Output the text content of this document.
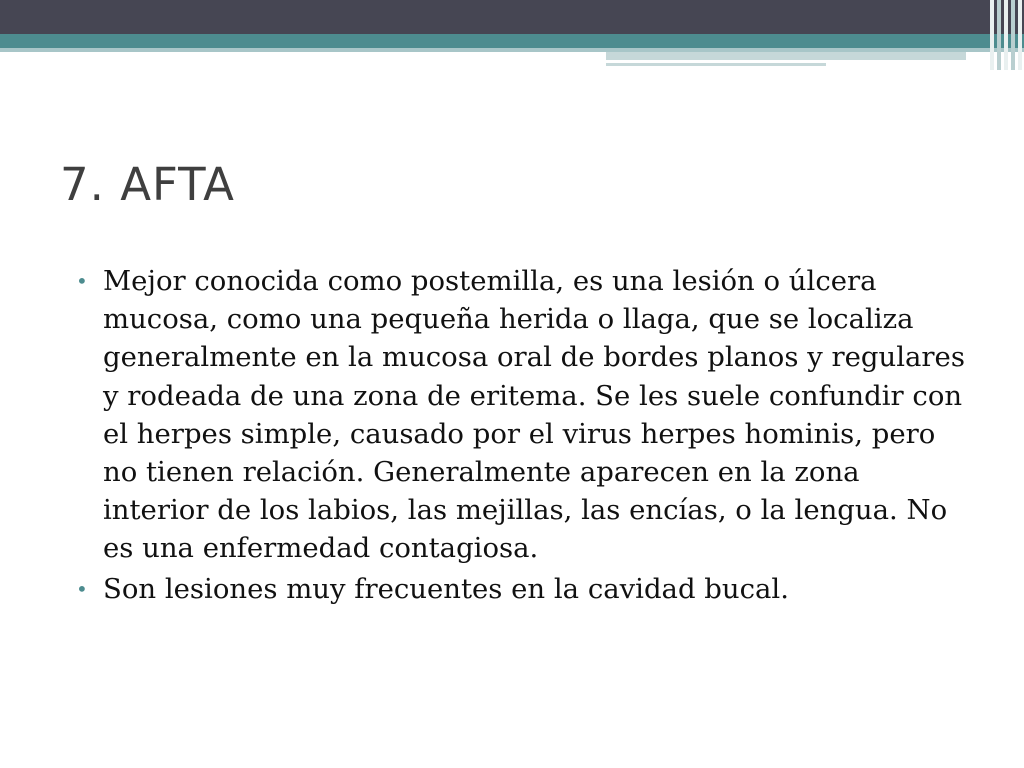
7. AFTA
• Mejor conocida como postemilla, es una lesión o úlcera mucosa, como una pequeña herida o llaga, que se localiza generalmente en la mucosa oral de bordes planos y regulares y rodeada de una zona de eritema. Se les suele confundir con el herpes simple, causado por el virus herpes hominis, pero no tienen relación. Generalmente aparecen en la zona interior de los labios, las mejillas, las encías, o la lengua. No es una enfermedad contagiosa.
• Son lesiones muy frecuentes en la cavidad bucal.
